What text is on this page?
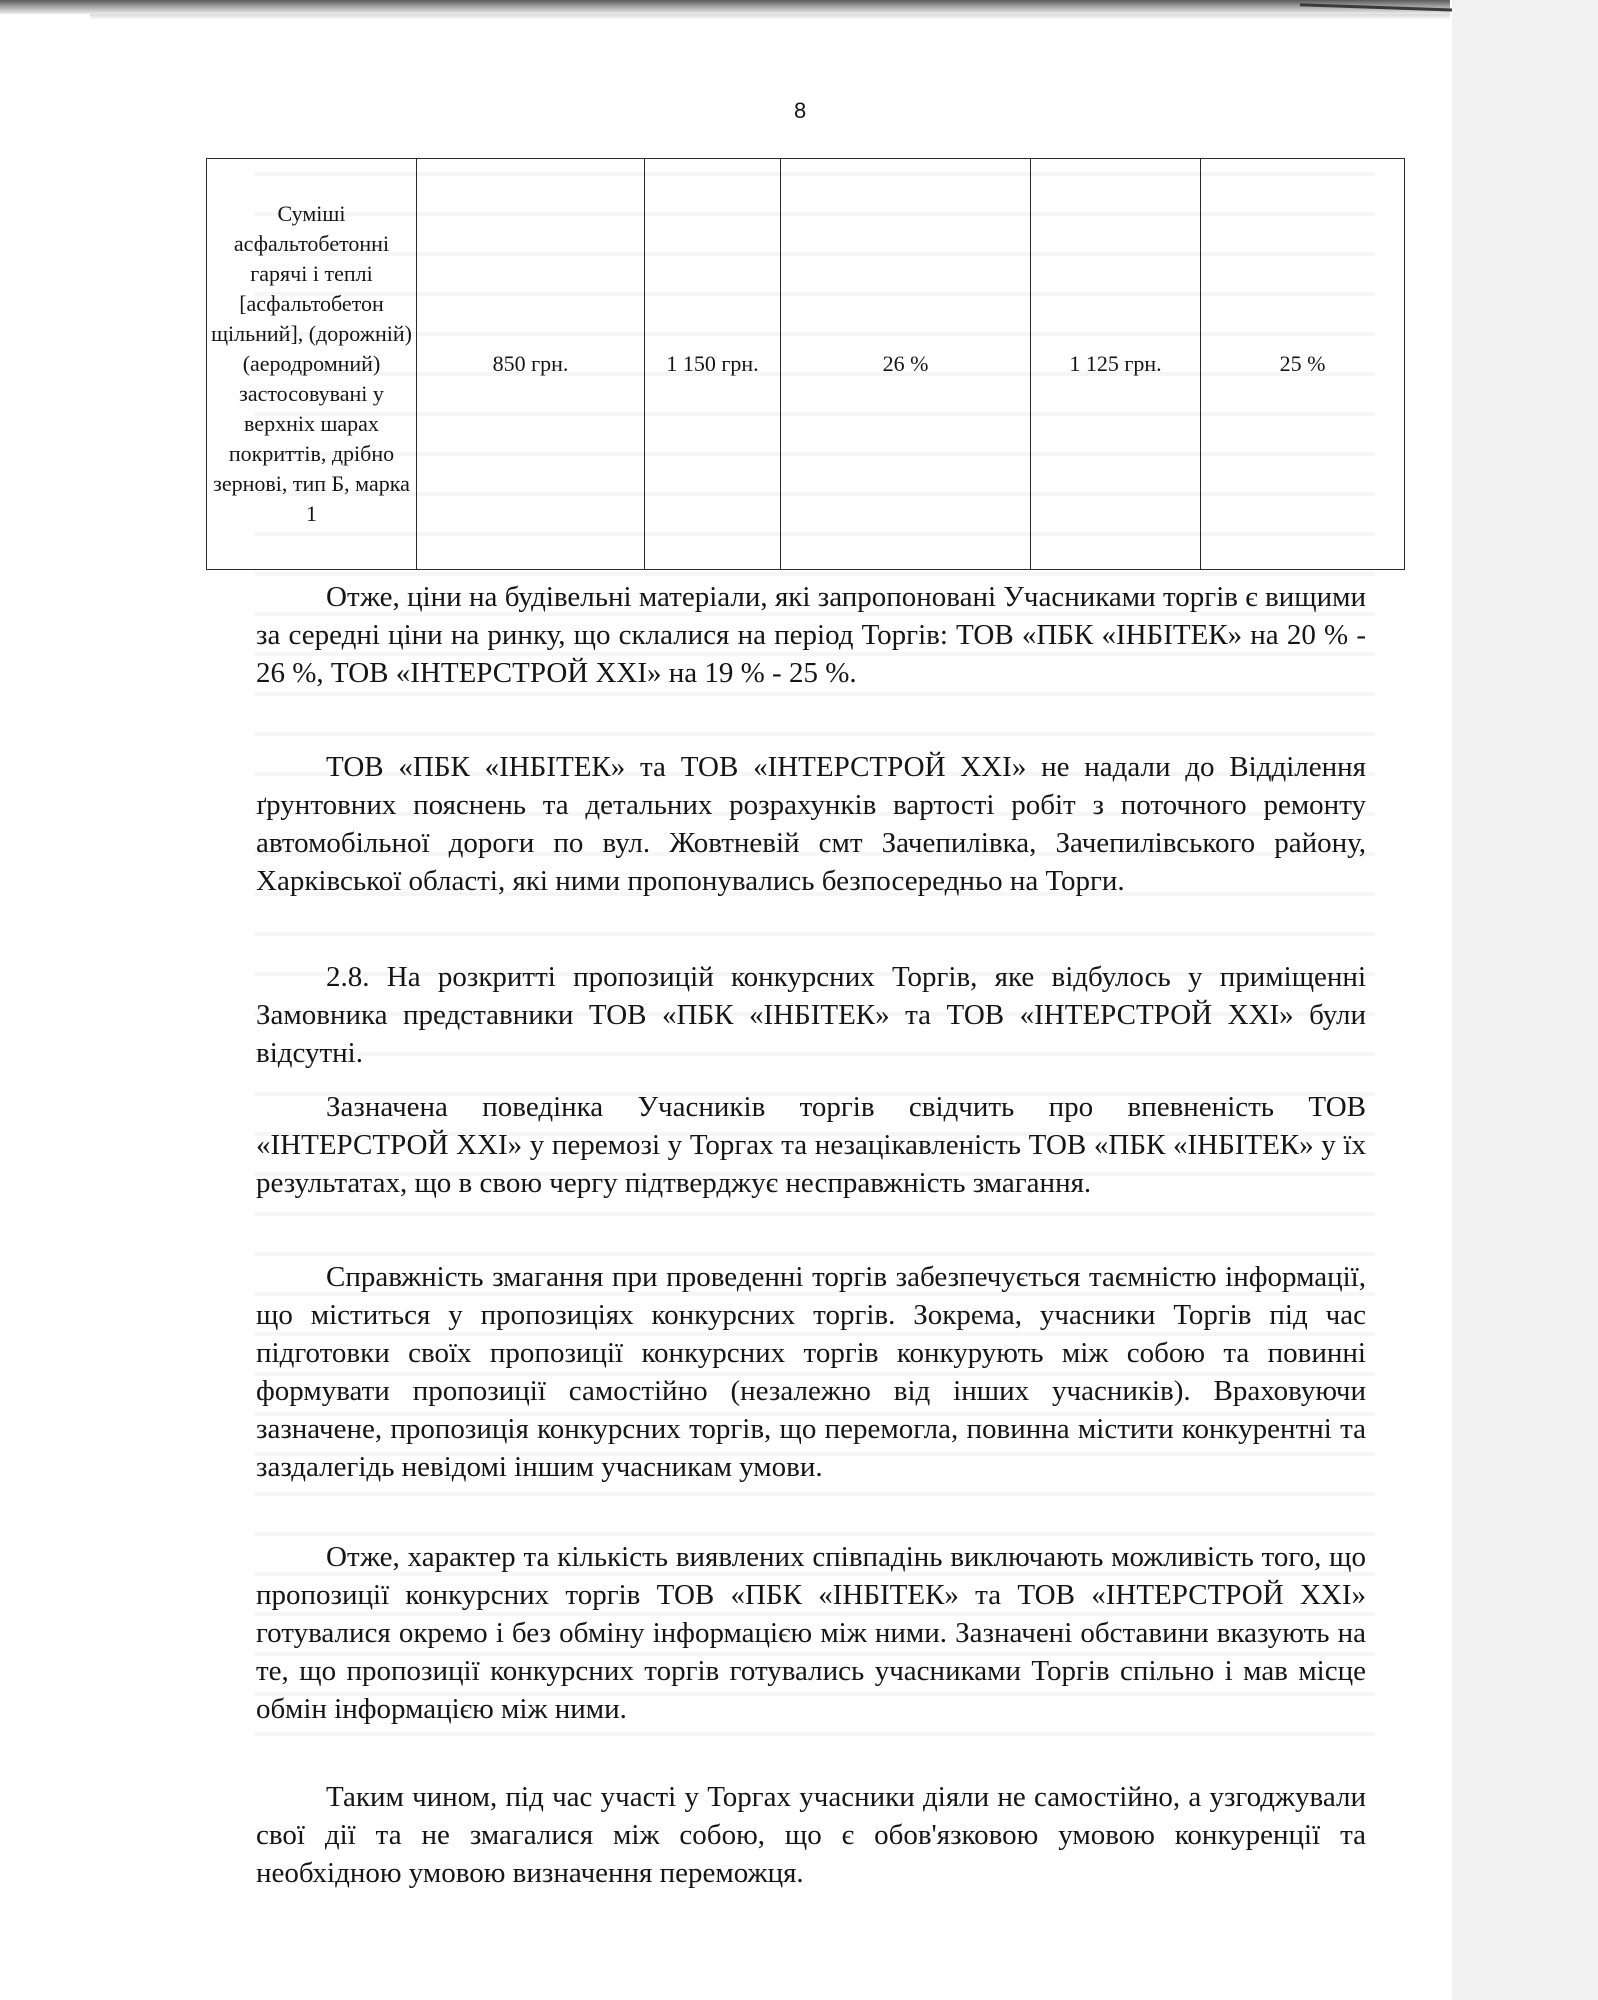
8
Суміші асфальтобетонні гарячі і теплі [асфальтобетон щільний], (дорожній) (аеродромний) застосовувані у верхніх шарах покриттів, дрібно зернові, тип Б, марка 1	850 грн.	1 150 грн.	26 %	1 125 грн.	25 %

Отже, ціни на будівельні матеріали, які запропоновані Учасниками торгів є вищими за середні ціни на ринку, що склалися на період Торгів: ТОВ «ПБК «ІНБІТЕК» на 20 % - 26 %, ТОВ «ІНТЕРСТРОЙ XXI» на 19 % - 25 %.

ТОВ «ПБК «ІНБІТЕК» та ТОВ «ІНТЕРСТРОЙ XXI» не надали до Відділення ґрунтовних пояснень та детальних розрахунків вартості робіт з поточного ремонту автомобільної дороги по вул. Жовтневій смт Зачепилівка, Зачепилівського району, Харківської області, які ними пропонувались безпосередньо на Торги.

2.8. На розкритті пропозицій конкурсних Торгів, яке відбулось у приміщенні Замовника представники ТОВ «ПБК «ІНБІТЕК» та ТОВ «ІНТЕРСТРОЙ XXI» були відсутні.

Зазначена поведінка Учасників торгів свідчить про впевненість ТОВ «ІНТЕРСТРОЙ XXI» у перемозі у Торгах та незацікавленість ТОВ «ПБК «ІНБІТЕК» у їх результатах, що в свою чергу підтверджує несправжність змагання.

Справжність змагання при проведенні торгів забезпечується таємністю інформації, що міститься у пропозиціях конкурсних торгів. Зокрема, учасники Торгів під час підготовки своїх пропозиції конкурсних торгів конкурують між собою та повинні формувати пропозиції самостійно (незалежно від інших учасників). Враховуючи зазначене, пропозиція конкурсних торгів, що перемогла, повинна містити конкурентні та заздалегідь невідомі іншим учасникам умови.

Отже, характер та кількість виявлених співпадінь виключають можливість того, що пропозиції конкурсних торгів ТОВ «ПБК «ІНБІТЕК» та ТОВ «ІНТЕРСТРОЙ XXI» готувалися окремо і без обміну інформацією між ними. Зазначені обставини вказують на те, що пропозиції конкурсних торгів готувались учасниками Торгів спільно і мав місце обмін інформацією між ними.

Таким чином, під час участі у Торгах учасники діяли не самостійно, а узгоджували свої дії та не змагалися між собою, що є обов'язковою умовою конкуренції та необхідною умовою визначення переможця.
